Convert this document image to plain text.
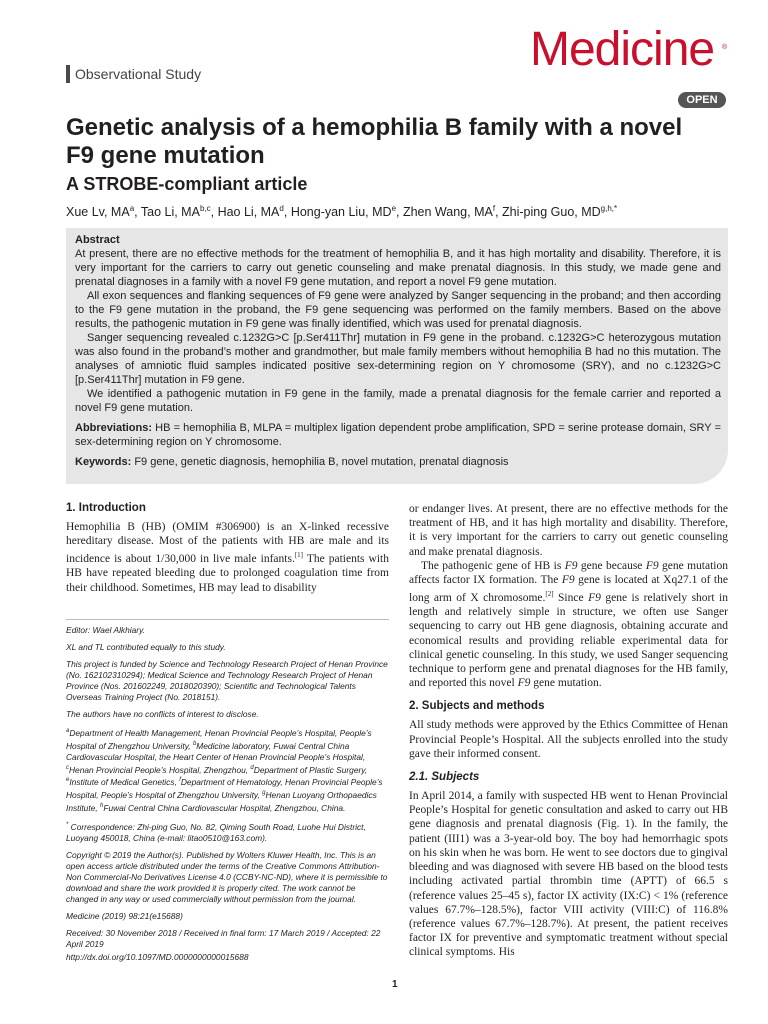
Observational Study	Medicine ®
OPEN
Genetic analysis of a hemophilia B family with a novel F9 gene mutation
A STROBE-compliant article
Xue Lv, $MA^a$, Tao Li, MA$^{b,c}$, Hao Li, $MA^d$, Hong-yan Liu, MDe, Zhen Wang, $MA^f$, Zhi-ping Guo, $MD^{g,h,*}$

Abstract

At present, there are no effective methods for the treatment of hemophilia B, and it has high mortality and disability. Therefore, it is very important for the carriers to carry out genetic counseling and make prenatal diagnosis. In this study, we made gene and prenatal diagnoses in a family with a novel F9 gene mutation, and report a novel F9 gene mutation.

All exon sequences and flanking sequences of F9 gene were analyzed by Sanger sequencing in the proband; and then according to the F9 gene mutation in the proband, the F9 gene sequencing was performed on the family members. Based on the above results, the pathogenic mutation in F9 gene was finally identified, which was used for prenatal diagnosis.

Sanger sequencing revealed c.1232G>C [p.Ser411Thr] mutation in F9 gene in the proband. c.1232G>C heterozygous mutation was also found in the proband’s mother and grandmother, but male family members without hemophilia B had no this mutation. The analyses of amniotic fluid samples indicated positive sex-determining region on Y chromosome (SRY), and no c.1232G>C [p.Ser411Thr] mutation in F9 gene.

We identified a pathogenic mutation in F9 gene in the family, made a prenatal diagnosis for the female carrier and reported a novel F9 gene mutation.

Abbreviations: HB = hemophilia B, MLPA = multiplex ligation dependent probe amplification, SPD = serine protease domain, SRY = sex-determining region on Y chromosome.

Keywords: F9 gene, genetic diagnosis, hemophilia B, novel mutation, prenatal diagnosis

1. Introduction

Hemophilia B (HB) (OMIM #306900) is an X-linked recessive hereditary disease. Most of the patients with HB are male and its incidence is about 1/30,000 in live male infants.[1] The patients with HB have repeated bleeding due to prolonged coagulation time from their childhood. Sometimes, HB may lead to disability

Editor: Wael Alkhiary.

XL and TL contributed equally to this study.

This project is funded by Science and Technology Research Project of Henan Province (No. 162102310294); Medical Science and Technology Research Project of Henan Province (Nos. 201602249, 2018020390); Scientific and Technological Talents Overseas Training Project (No. 2018151).

The authors have no conflicts of interest to disclose.

$^a$Department of Health Management, Henan Provincial People’s Hospital, People’s Hospital of Zhengzhou University, $^b$Medicine laboratory, Fuwai Central China Cardiovascular Hospital, the Heart Center of Henan Provincial People’s Hospital, $^c$Henan Provincial People’s Hospital, Zhengzhou, $^d$Department of Plastic Surgery, $^e$Institute of Medical Genetics, $^f$Department of Hematology, Henan Provincial People’s Hospital, People’s Hospital of Zhengzhou University, $^g$Henan Luoyang Orthopaedics Institute, $^h$Fuwai Central China Cardiovascular Hospital, Zhengzhou, China.

* Correspondence: Zhi-ping Guo, No. 82, Qiming South Road, Luohe Hui District, Luoyang 450018, China (e-mail: litao0510@163.com).

Copyright © 2019 the Author(s). Published by Wolters Kluwer Health, Inc. This is an open access article distributed under the terms of the Creative Commons Attribution-Non Commercial-No Derivatives License 4.0 (CCBY-NC-ND), where it is permissible to download and share the work provided it is properly cited. The work cannot be changed in any way or used commercially without permission from the journal.

Medicine (2019) 98:21(e15688)

Received: 30 November 2018 / Received in final form: 17 March 2019 / Accepted: 22 April 2019

http://dx.doi.org/10.1097/MD.0000000000015688

or endanger lives. At present, there are no effective methods for the treatment of HB, and it has high mortality and disability. Therefore, it is very important for the carriers to carry out genetic counseling and make prenatal diagnosis.

The pathogenic gene of HB is F9 gene because F9 gene mutation affects factor IX formation. The F9 gene is located at Xq27.1 of the long arm of X chromosome.[2] Since F9 gene is relatively short in length and relatively simple in structure, we often use Sanger sequencing to carry out HB gene diagnosis, obtaining accurate and economical results and providing reliable experimental data for clinical genetic counseling. In this study, we used Sanger sequencing technique to perform gene and prenatal diagnoses for the HB family, and reported this novel F9 gene mutation.

2. Subjects and methods

All study methods were approved by the Ethics Committee of Henan Provincial People’s Hospital. All the subjects enrolled into the study gave their informed consent.

2.1. Subjects

In April 2014, a family with suspected HB went to Henan Provincial People’s Hospital for genetic consultation and asked to carry out HB gene diagnosis and prenatal diagnosis (Fig. 1). In the family, the patient (III1) was a 3-year-old boy. The boy had hemorrhagic spots on his skin when he was born. He went to see doctors due to gingival bleeding and was diagnosed with severe HB based on the blood tests including activated partial thrombin time (APTT) of 66.5 s (reference values 25–45 s), factor IX activity (IX:C) < 1% (reference values 67.7%–128.5%), factor VIII activity (VIII:C) of 116.8% (reference values 67.7%–128.7%). At present, the patient receives factor IX for preventive and symptomatic treatment without special clinical symptoms. His

1
